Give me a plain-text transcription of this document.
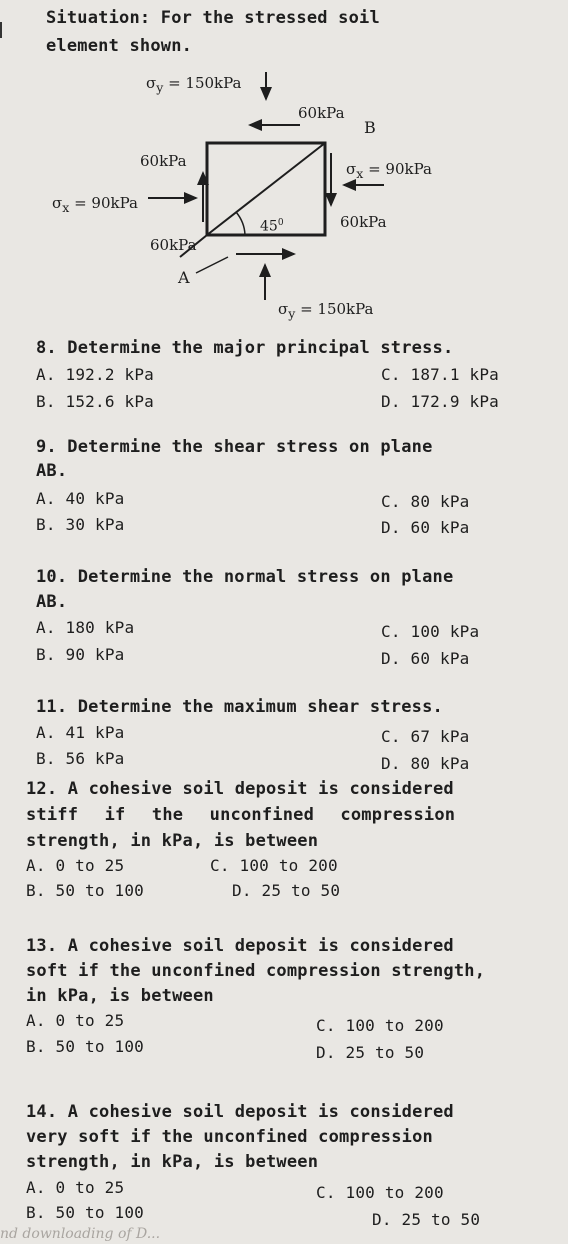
Situation: For the stressed soil
element shown.
$\sigma_y = 150kPa$
60kPa
B
60kPa
$\sigma_x = 90kPa$
$\sigma_x = 90kPa$
$45^0$	60kPa
60kPa
A
$\sigma_y = 150kPa$
8. Determine the major principal stress.
A. 192.2 kPa	C. 187.1 kPa
B. 152.6 kPa	D. 172.9 kPa
9. Determine the shear stress on plane
AB.
A. 40 kPa	C. 80 kPa
B. 30 kPa	D. 60 kPa
10. Determine the normal stress on plane
AB.
A. 180 kPa	C. 100 kPa
B. 90 kPa	D. 60 kPa
11. Determine the maximum shear stress.
A. 41 kPa	C. 67 kPa
B. 56 kPa	D. 80 kPa
12. A cohesive soil deposit is considered
stiff if the unconfined compression
strength, in kPa, is between
A. 0 to 25	C. 100 to 200
B. 50 to 100	D. 25 to 50
13. A cohesive soil deposit is considered
soft if the unconfined compression strength,
in kPa, is between
A. 0 to 25	C. 100 to 200
B. 50 to 100	D. 25 to 50
14. A cohesive soil deposit is considered
very soft if the unconfined compression
strength, in kPa, is between
A. 0 to 25	C. 100 to 200
B. 50 to 100	D. 25 to 50
nd downloading of D...
